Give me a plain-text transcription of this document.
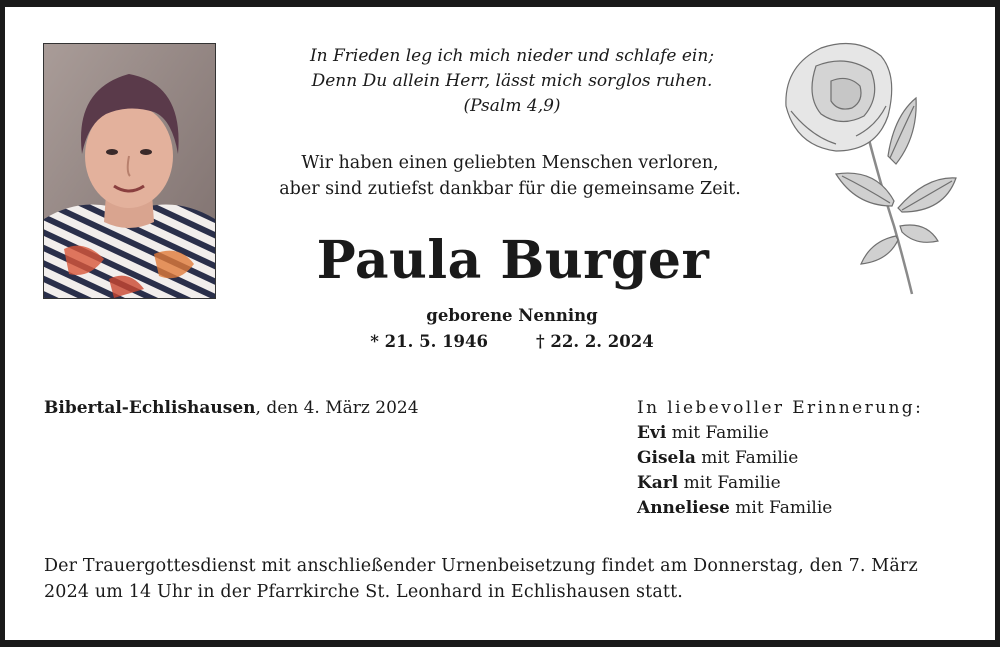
In Frieden leg ich mich nieder und schlafe ein;
Denn Du allein Herr, lässt mich sorglos ruhen.
(Psalm 4,9)
Wir haben einen geliebten Menschen verloren,
aber sind zutiefst dankbar für die gemeinsame Zeit.
Paula Burger
geborene Nenning
* 21. 5. 1946	† 22. 2. 2024
Bibertal-Echlishausen, den 4. März 2024	In liebevoller Erinnerung:
Evi mit Familie
Gisela mit Familie
Karl mit Familie
Anneliese mit Familie
Der Trauergottesdienst mit anschließender Urnenbeisetzung findet am Donnerstag, den 7. März 2024 um 14 Uhr in der Pfarrkirche St. Leonhard in Echlishausen statt.
